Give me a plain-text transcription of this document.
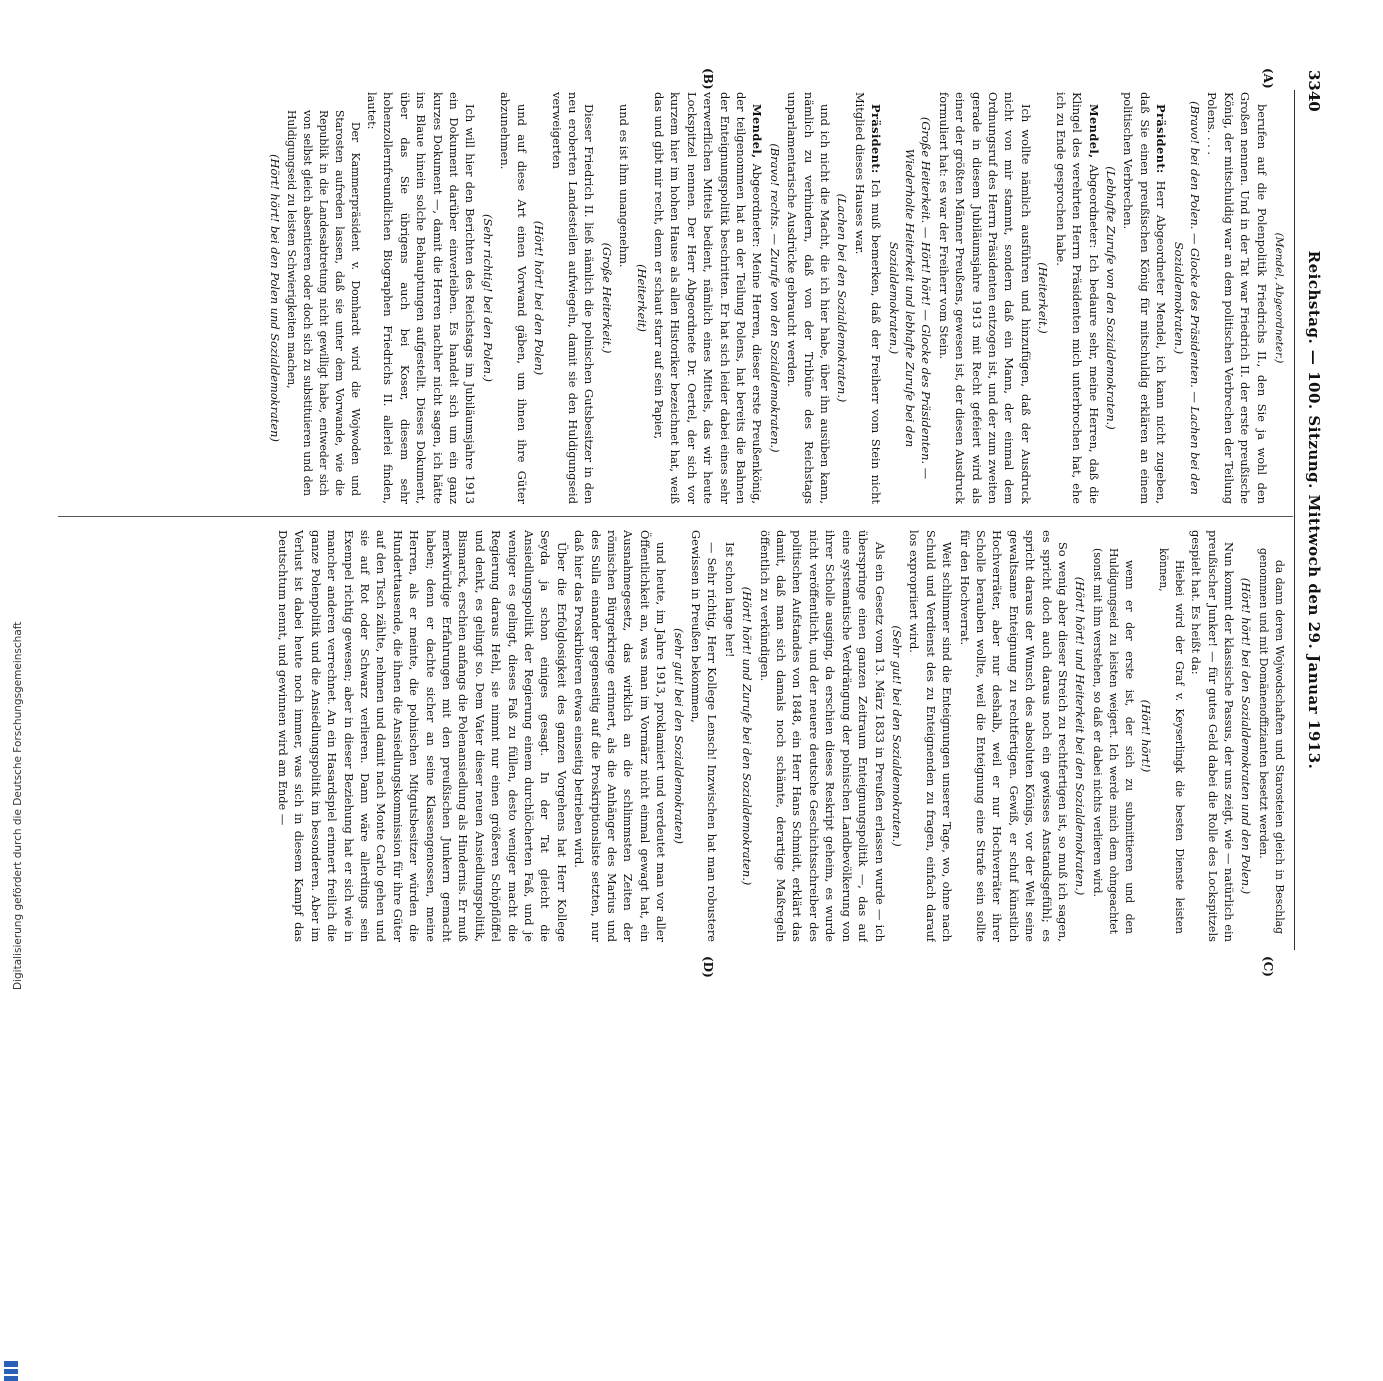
3340
Reichstag. — 100. Sitzung. Mittwoch den 29. Januar 1913.
(A)
(B)
(C)
(D)

(Mendel, Abgeordneter.)

berufen auf die Polenpolitik Friedrichs II., den Sie ja wohl den Großen nennen. Und in der Tat war Friedrich II. der erste preußische König, der mitschuldig war an dem politischen Verbrechen der Teilung Polens. . . .

(Bravo! bei den Polen. — Glocke des Präsidenten. — Lachen bei den Sozialdemokraten.)

Präsident: Herr Abgeordneter Mendel, ich kann nicht zugeben, daß Sie einen preußischen König für mitschuldig erklären an einem politischen Verbrechen.

(Lebhafte Zurufe von den Sozialdemokraten.)

Mendel, Abgeordneter: Ich bedaure sehr, meine Herren, daß die Klingel des verehrten Herrn Präsidenten mich unterbrochen hat, ehe ich zu Ende gesprochen habe.

(Heiterkeit.)

Ich wollte nämlich ausführen und hinzufügen, daß der Ausdruck nicht von mir stammt, sondern daß ein Mann, der einmal dem Ordnungsruf des Herrn Präsidenten entzogen ist, und der zum zweiten gerade in diesem Jubiläumsjahre 1913 mit Recht gefeiert wird als einer der größten Männer Preußens, gewesen ist, der diesen Ausdruck formuliert hat: es war der Freiherr vom Stein.

(Große Heiterkeit. — Hört! hört! — Glocke des Präsidenten. — Wiederholte Heiterkeit und lebhafte Zurufe bei den Sozialdemokraten.)

Präsident: Ich muß bemerken, daß der Freiherr vom Stein nicht Mitglied dieses Hauses war.

(Lachen bei den Sozialdemokraten.)

und ich nicht die Macht, die ich hier habe, über ihn ausüben kann, nämlich zu verhindern, daß von der Tribüne des Reichstags unparlamentarische Ausdrücke gebraucht werden.

(Bravo! rechts. — Zurufe von den Sozialdemokraten.)

Mendel, Abgeordneter: Meine Herren, dieser erste Preußenkönig, der teilgenommen hat an der Teilung Polens, hat bereits die Bahnen der Enteignungspolitik beschritten. Er hat sich leider dabei eines sehr verwerflichen Mittels bedient, nämlich eines Mittels, das wir heute Lockspitzel nennen. Der Herr Abgeordnete Dr. Oertel, der sich vor kurzem hier im hohen Hause als allen Historiker bezeichnet hat, weiß das und gibt mir recht, denn er schaut starr auf sein Papier,

(Heiterkeit)

und es ist ihm unangenehm.

(Große Heiterkeit.)

Dieser Friedrich II. ließ nämlich die polnischen Gutsbesitzer in den neu eroberten Landesteilen aufwiegeln, damit sie den Huldigungseid verweigerten

(Hört! hört! bei den Polen)

und auf diese Art einen Vorwand gäben, um ihnen ihre Güter abzunehmen.

(Sehr richtig! bei den Polen.)

Ich will hier den Berichten des Reichstags im Jubiläumsjahre 1913 ein Dokument darüber einverleiben. Es handelt sich um ein ganz kurzes Dokument —, damit die Herren nachher nicht sagen, ich hätte ins Blaue hinein solche Behauptungen aufgestellt. Dieses Dokument, über das Sie übrigens auch bei Koser, diesem sehr hohenzollernfreundlichen Biographen Friedrichs II. allerlei finden, lautet:

Der Kammerpräsident v. Domhardt wird die Wojwoden und Starosten aufreden lassen, daß sie unter dem Vorwande, wie die Republik in die Landesabtretung nicht gewilligt habe, entweder sich von selbst gleich absentieren oder doch sich zu substituieren und den Huldigungseid zu leisten Schwierigkeiten machen,

(Hört! hört! bei den Polen und Sozialdemokraten)

da dann deren Wojwodschaften und Starosteien gleich in Beschlag genommen und mit Domänenoffizianten besetzt werden.

(Hört! hört! bei den Sozialdemokraten und den Polen.)

Nun kommt der klassische Passus, der uns zeigt, wie — natürlich ein preußischer Junker! — für gutes Geld dabei die Rolle des Lockspitzels gespielt hat. Es heißt da:

Hiebei wird der Graf v. Keyserlingk die besten Dienste leisten können,

(Hört! hört!)

wenn er der erste ist, der sich zu submittieren und den Huldigungseid zu leisten weigert. Ich werde mich dem ohngeachtet (sonst mit ihm verstehen, so daß er dabei nichts verlieren wird.

(Hört! hört! und Heiterkeit bei den Sozialdemokraten.)

So wenig aber dieser Streich zu rechtfertigen ist, so muß ich sagen, es spricht doch auch daraus noch ein gewisses Anstandsgefühl; es spricht daraus der Wunsch des absoluten Königs, vor der Welt seine gewaltsame Enteignung zu rechtfertigen. Gewiß, er schuf künstlich Hochverräter, aber nur deshalb, weil er nur Hochverräter ihrer Scholle berauben wollte, weil die Enteignung eine Strafe sein sollte für den Hochverrat.

Weit schlimmer sind die Enteignungen unserer Tage, wo, ohne nach Schuld und Verdienst des zu Enteignenden zu fragen, einfach darauf los expropriiert wird.

(Sehr gut! bei den Sozialdemokraten.)

Als ein Gesetz vom 13. März 1833 in Preußen erlassen wurde — ich überspringe einen ganzen Zeitraum Enteignungspolitik —, das auf eine systematische Verdrängung der polnischen Landbevölkerung von ihrer Scholle ausging, da erschien dieses Reskript geheim, es wurde nicht veröffentlicht, und der neuere deutsche Geschichtsschreiber des politischen Aufstandes von 1848, ein Herr Hans Schmidt, erklärt das damit, daß man sich damals noch schämte, derartige Maßregeln öffentlich zu verkündigen.

(Hört! hört! und Zurufe bei den Sozialdemokraten.)

Ist schon lange her!

— Sehr richtig, Herr Kollege Lensch! Inzwischen hat man robustere Gewissen in Preußen bekommen,

(sehr gut! bei den Sozialdemokraten)

und heute, im Jahre 1913, proklamiert und verdeutet man vor aller Öffentlichkeit an, was man im Vormärz nicht einmal gewagt hat, ein Ausnahmegesetz, das wirklich an die schlimmsten Zeiten der römischen Bürgerkriege erinnert, als die Anhänger des Marius und des Sulla einander gegenseitig auf die Proskriptionsliste setzten, nur daß hier das Proskribieren etwas einseitig betrieben wird.

Über die Erfolglosigkeit des ganzen Vorgehens hat Herr Kollege Seyda ja schon einiges gesagt. In der Tat gleicht die Ansiedlungspolitik der Regierung einem durchlöcherten Faß, und je weniger es gelingt, dieses Faß zu füllen, desto weniger macht die Regierung daraus Hehl, sie nimmt nur einen größeren Schöpflöffel und denkt, es gelingt so. Dem Vater dieser neuen Ansiedlungspolitik, Bismarck, erschien anfangs die Polenansiedlung als Hindernis. Er muß merkwürdige Erfahrungen mit den preußischen Junkern gemacht haben; denn er dachte sicher an seine Klassengenossen, meine Herren, als er meinte, die polnischen Mitgutsbesitzer würden die Hunderttausende, die ihnen die Ansiedlungskommission für ihre Güter auf den Tisch zählte, nehmen und damit nach Monte Carlo gehen und sie auf Rot oder Schwarz verlieren. Dann wäre allerdings sein Exempel richtig gewesen; aber in dieser Beziehung hat er sich wie in mancher anderen verrechnet. An ein Hasardspiel erinnert freilich die ganze Polenpolitik und die Ansiedlungspolitik im besonderen. Aber im Verlust ist dabei heute noch immer, was sich in diesem Kampf das Deutschtum nennt, und gewinnen wird am Ende —

Digitalisierung gefördert durch die Deutsche Forschungsgemeinschaft
